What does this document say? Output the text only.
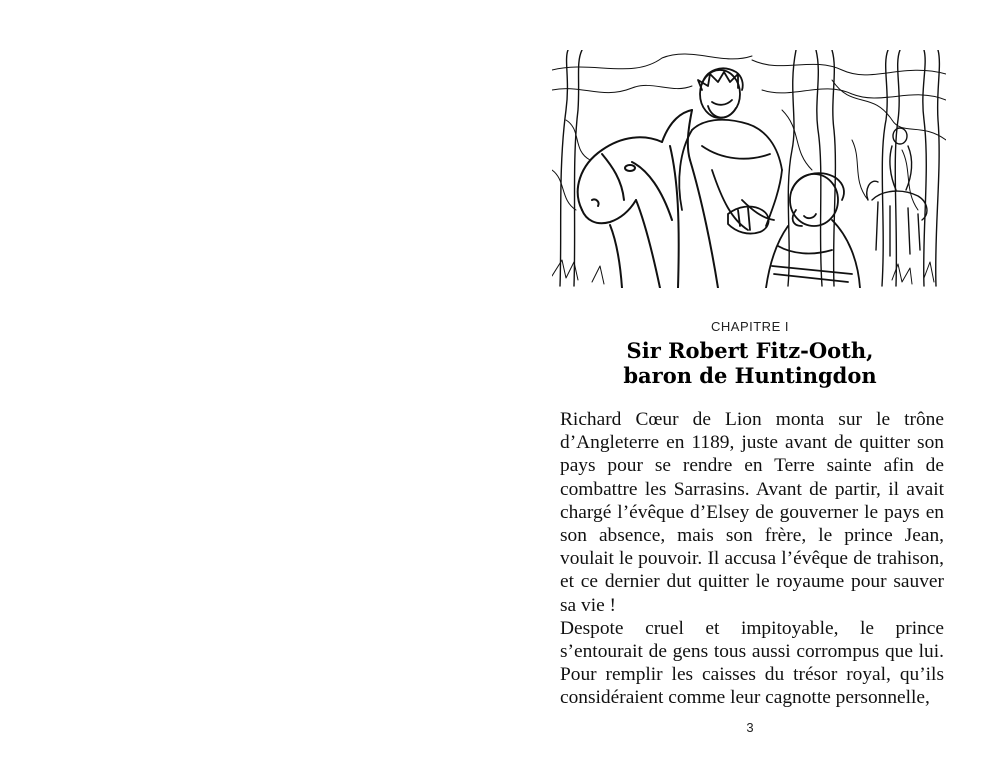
CHAPITRE I
Sir Robert Fitz-Ooth,
baron de Huntingdon

Richard Cœur de Lion monta sur le trône d’Angleterre en 1189, juste avant de quitter son pays pour se rendre en Terre sainte afin de combattre les Sarrasins. Avant de partir, il avait chargé l’évêque d’Elsey de gouverner le pays en son absence, mais son frère, le prince Jean, voulait le pouvoir. Il accusa l’évêque de trahison, et ce dernier dut quitter le royaume pour sauver sa vie !

Despote cruel et impitoyable, le prince s’entourait de gens tous aussi corrompus que lui. Pour remplir les caisses du trésor royal, qu’ils considéraient comme leur cagnotte personnelle,

3
